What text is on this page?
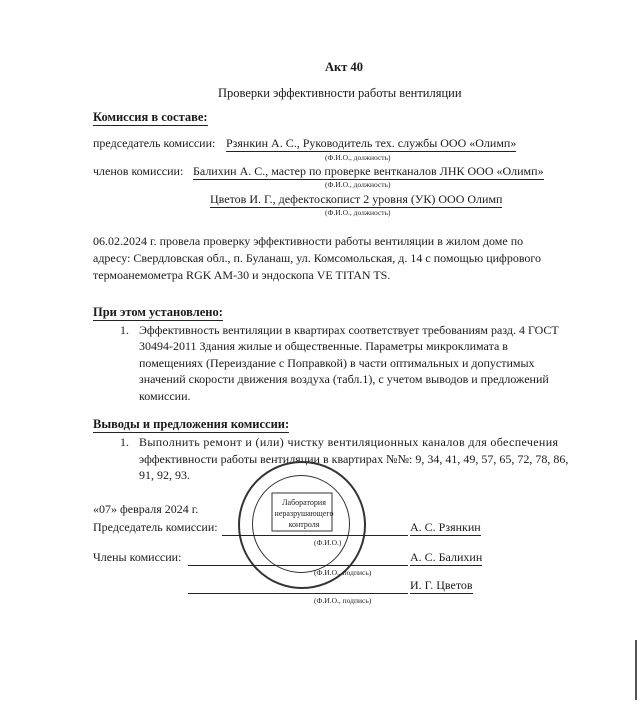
Акт 40
Проверки эффективности работы вентиляции
Комиссия в составе:
председатель комиссии: Рзянкин А. С., Руководитель тех. службы ООО «Олимп»
(Ф.И.О., должность)
членов комиссии: Балихин А. С., мастер по проверке вентканалов ЛНК ООО «Олимп»
(Ф.И.О., должность)
Цветов И. Г., дефектоскопист 2 уровня (УК) ООО Олимп
(Ф.И.О., должность)
06.02.2024 г. провела проверку эффективности работы вентиляции в жилом доме по
адресу: Свердловская обл., п. Буланаш, ул. Комсомольская, д. 14 с помощью цифрового
термоанемометра RGK AM-30 и эндоскопа VE TITAN TS.
При этом установлено:
1. Эффективность вентиляции в квартирах соответствует требованиям разд. 4 ГОСТ
30494-2011 Здания жилые и общественные. Параметры микроклимата в
помещениях (Переиздание с Поправкой) в части оптимальных и допустимых
значений скорости движения воздуха (табл.1), с учетом выводов и предложений
комиссии.
Выводы и предложения комиссии:
1. Выполнить ремонт и (или) чистку вентиляционных каналов для обеспечения
эффективности работы вентиляции в квартирах №№: 9, 34, 41, 49, 57, 65, 72, 78, 86,
91, 92, 93.
Лаборатория неразрушающего контроля
«07» февраля 2024 г.
Председатель комиссии:	А. С. Рзянкин
(Ф.И.О.)
Члены комиссии:	А. С. Балихин
(Ф.И.О., подпись)
И. Г. Цветов
(Ф.И.О., подпись)
